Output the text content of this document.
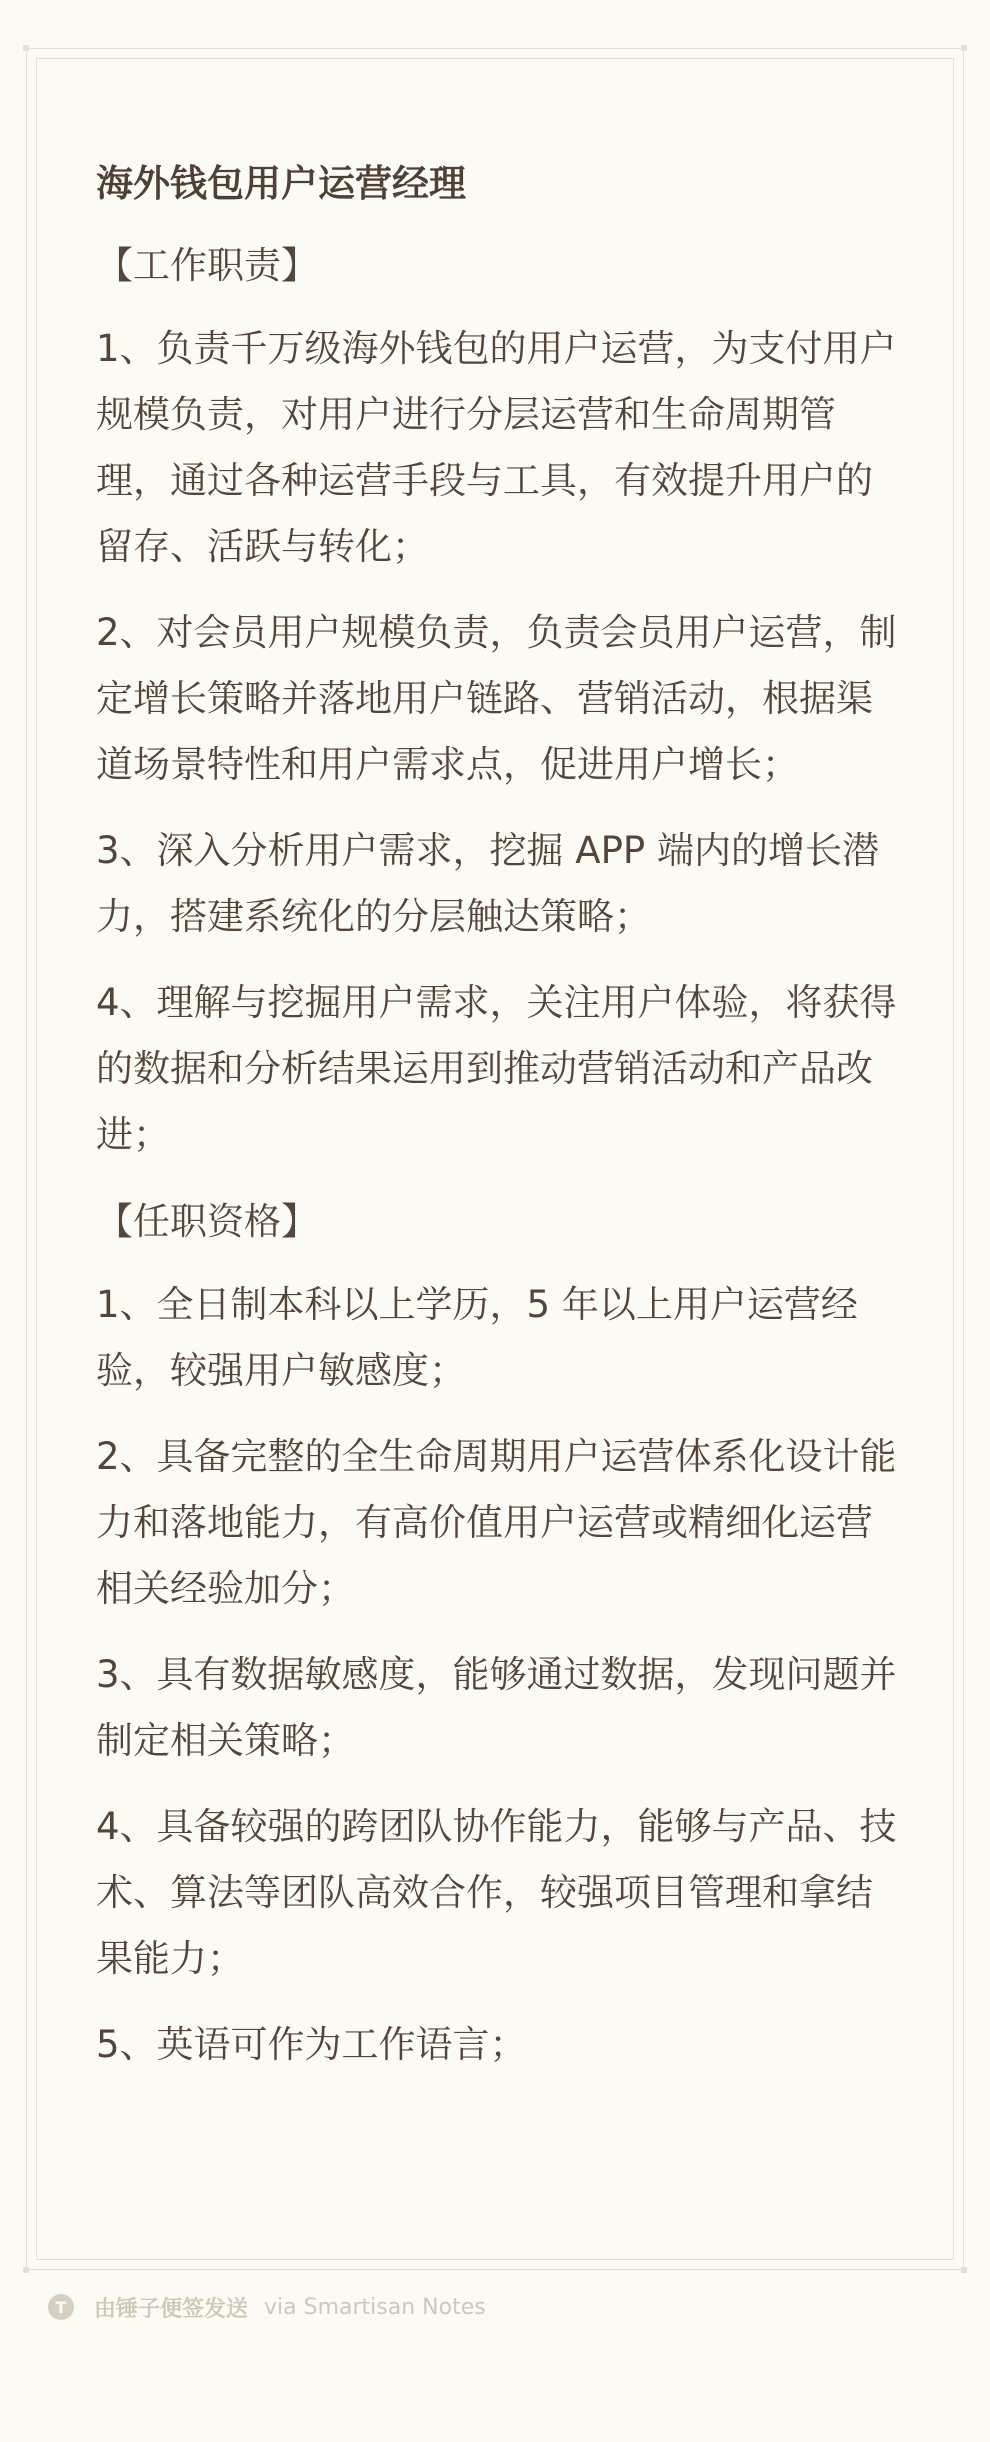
海外钱包用户运营经理
【工作职责】

1、负责千万级海外钱包的用户运营，为支付用户规模负责，对用户进行分层运营和生命周期管理，通过各种运营手段与工具，有效提升用户的留存、活跃与转化；

2、对会员用户规模负责，负责会员用户运营，制定增长策略并落地用户链路、营销活动，根据渠道场景特性和用户需求点，促进用户增长；

3、深入分析用户需求，挖掘 APP 端内的增长潜力，搭建系统化的分层触达策略；

4、理解与挖掘用户需求，关注用户体验，将获得的数据和分析结果运用到推动营销活动和产品改进；

【任职资格】

1、全日制本科以上学历，5 年以上用户运营经验，较强用户敏感度；

2、具备完整的全生命周期用户运营体系化设计能力和落地能力，有高价值用户运营或精细化运营相关经验加分；

3、具有数据敏感度，能够通过数据，发现问题并制定相关策略；

4、具备较强的跨团队协作能力，能够与产品、技术、算法等团队高效合作，较强项目管理和拿结果能力；

5、英语可作为工作语言；

T	由锤子便签发送 via Smartisan Notes
